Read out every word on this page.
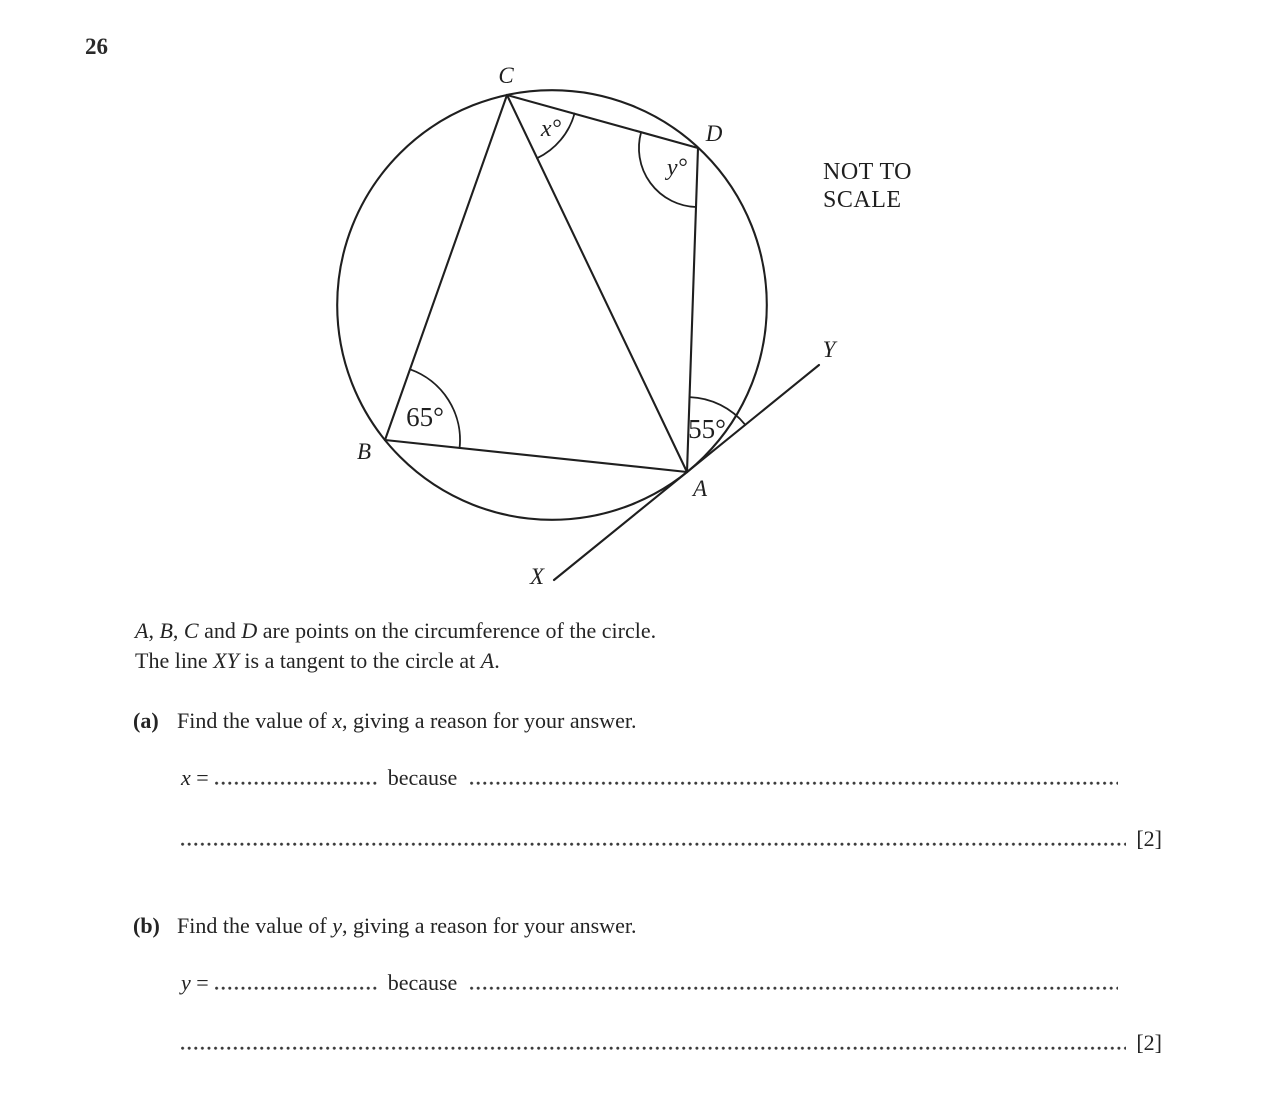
26
C
D
B
A
X
Y
x°
y°
65°	55°
NOT TO
SCALE
A, B, C and D are points on the circumference of the circle.
The line XY is a tangent to the circle at A.
(a) Find the value of x, giving a reason for your answer.
x =	because
[2]
(b) Find the value of y, giving a reason for your answer.
y =	because
[2]
